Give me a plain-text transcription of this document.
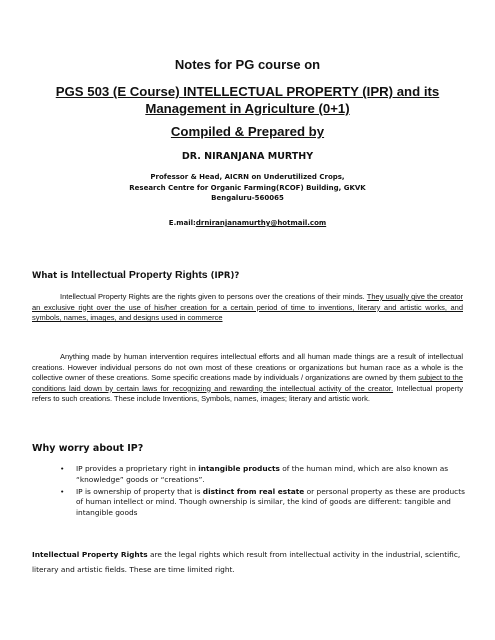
Notes for PG course on
PGS 503 (E Course) INTELLECTUAL PROPERTY (IPR) and its Management in Agriculture (0+1)
Compiled & Prepared by
DR. NIRANJANA MURTHY
Professor & Head, AICRN on Underutilized Crops,
Research Centre for Organic Farming(RCOF) Building, GKVK
Bengaluru-560065
E.mail:drniranjanamurthy@hotmail.com
What is Intellectual Property Rights (IPR)?
Intellectual Property Rights are the rights given to persons over the creations of their minds. They usually give the creator an exclusive right over the use of his/her creation for a certain period of time to inventions, literary and artistic works, and symbols, names, images, and designs used in commerce
Anything made by human intervention requires intellectual efforts and all human made things are a result of intellectual creations. However individual persons do not own most of these creations or organizations but human race as a whole is the collective owner of these creations. Some specific creations made by individuals / organizations are owned by them subject to the conditions laid down by certain laws for recognizing and rewarding the intellectual activity of the creator. Intellectual property refers to such creations. These include Inventions, Symbols, names, images; literary and artistic work.
Why worry about IP?
• IP provides a proprietary right in intangible products of the human mind, which are also known as “knowledge” goods or “creations”.
• IP is ownership of property that is distinct from real estate or personal property as these are products of human intellect or mind. Though ownership is similar, the kind of goods are different: tangible and intangible goods
Intellectual Property Rights are the legal rights which result from intellectual activity in the industrial, scientific, literary and artistic fields. These are time limited right.
